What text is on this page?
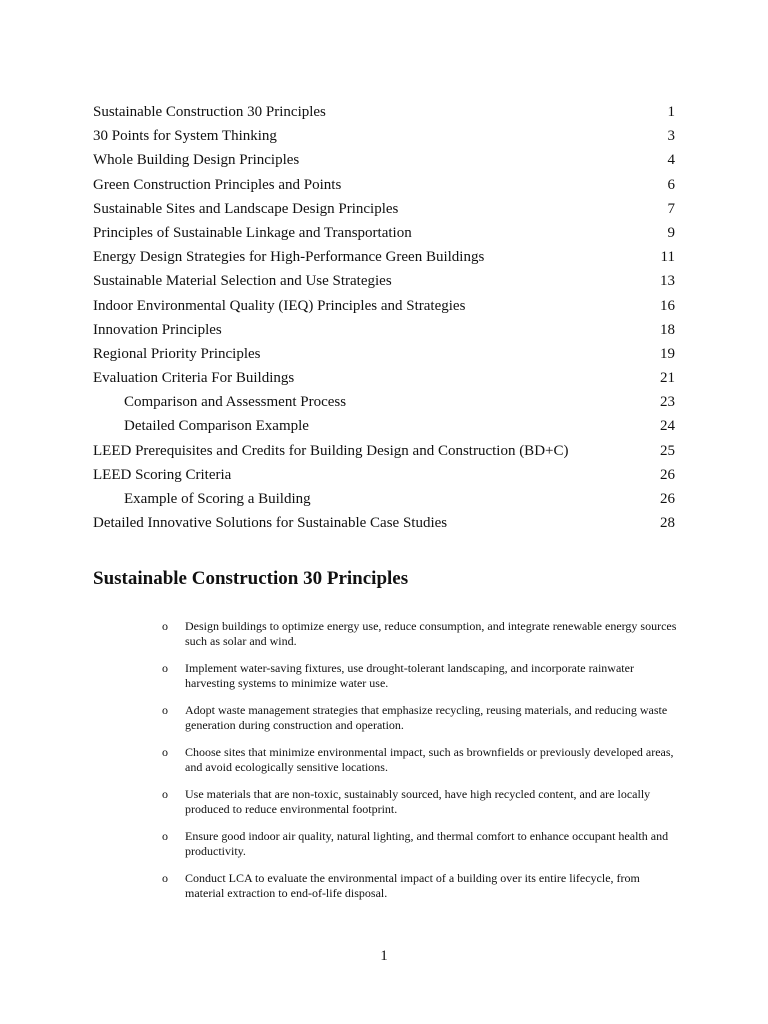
Sustainable Construction 30 Principles	1
30 Points for System Thinking	3
Whole Building Design Principles	4
Green Construction Principles and Points	6
Sustainable Sites and Landscape Design Principles	7
Principles of Sustainable Linkage and Transportation	9
Energy Design Strategies for High-Performance Green Buildings	11
Sustainable Material Selection and Use Strategies	13
Indoor Environmental Quality (IEQ) Principles and Strategies	16
Innovation Principles	18
Regional Priority Principles	19
Evaluation Criteria For Buildings	21
Comparison and Assessment Process	23
Detailed Comparison Example	24
LEED Prerequisites and Credits for Building Design and Construction (BD+C)	25
LEED Scoring Criteria	26
Example of Scoring a Building	26
Detailed Innovative Solutions for Sustainable Case Studies	28
Sustainable Construction 30 Principles
o	Design buildings to optimize energy use, reduce consumption, and integrate renewable energy sources such as solar and wind.
o	Implement water-saving fixtures, use drought-tolerant landscaping, and incorporate rainwater harvesting systems to minimize water use.
o	Adopt waste management strategies that emphasize recycling, reusing materials, and reducing waste generation during construction and operation.
o	Choose sites that minimize environmental impact, such as brownfields or previously developed areas, and avoid ecologically sensitive locations.
o	Use materials that are non-toxic, sustainably sourced, have high recycled content, and are locally produced to reduce environmental footprint.
o	Ensure good indoor air quality, natural lighting, and thermal comfort to enhance occupant health and productivity.
o	Conduct LCA to evaluate the environmental impact of a building over its entire lifecycle, from material extraction to end-of-life disposal.
1
